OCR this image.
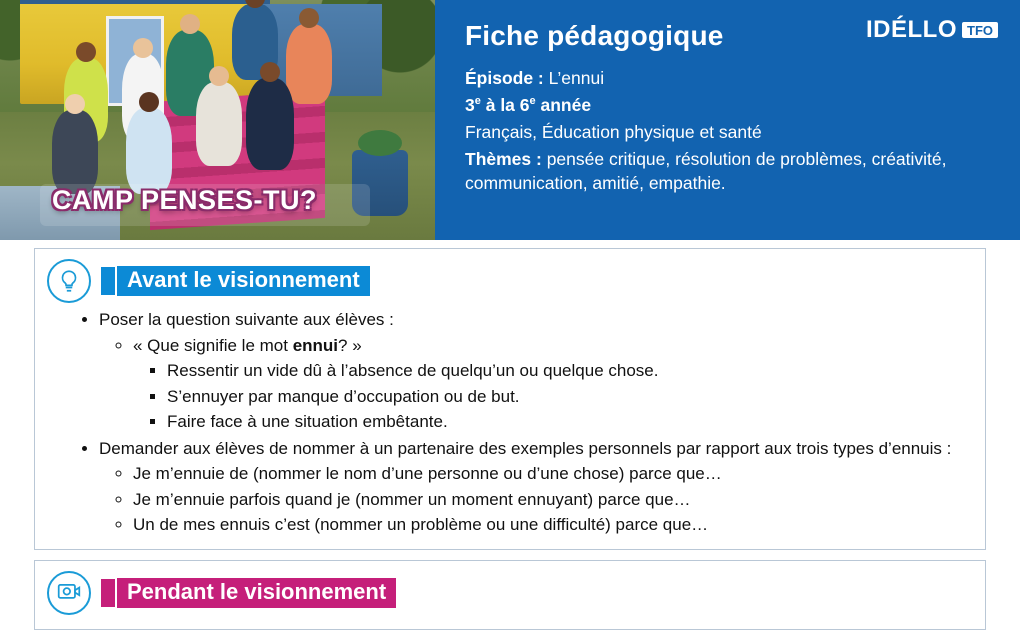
CAMP PENSES-TU?
IDÉLLO TFO
Fiche pédagogique

Épisode : L’ennui

3e à la 6e année

Français, Éducation physique et santé

Thèmes : pensée critique, résolution de problèmes, créativité, communication, amitié, empathie.

Avant le visionnement
• Poser la question suivante aux élèves :
◦ « Que signifie le mot ennui? »
▪ Ressentir un vide dû à l’absence de quelqu’un ou quelque chose.
▪ S’ennuyer par manque d’occupation ou de but.
▪ Faire face à une situation embêtante.
• Demander aux élèves de nommer à un partenaire des exemples personnels par rapport aux trois types d’ennuis :
◦ Je m’ennuie de (nommer le nom d’une personne ou d’une chose) parce que…
◦ Je m’ennuie parfois quand je (nommer un moment ennuyant) parce que…
◦ Un de mes ennuis c’est (nommer un problème ou une difficulté) parce que…
Pendant le visionnement
